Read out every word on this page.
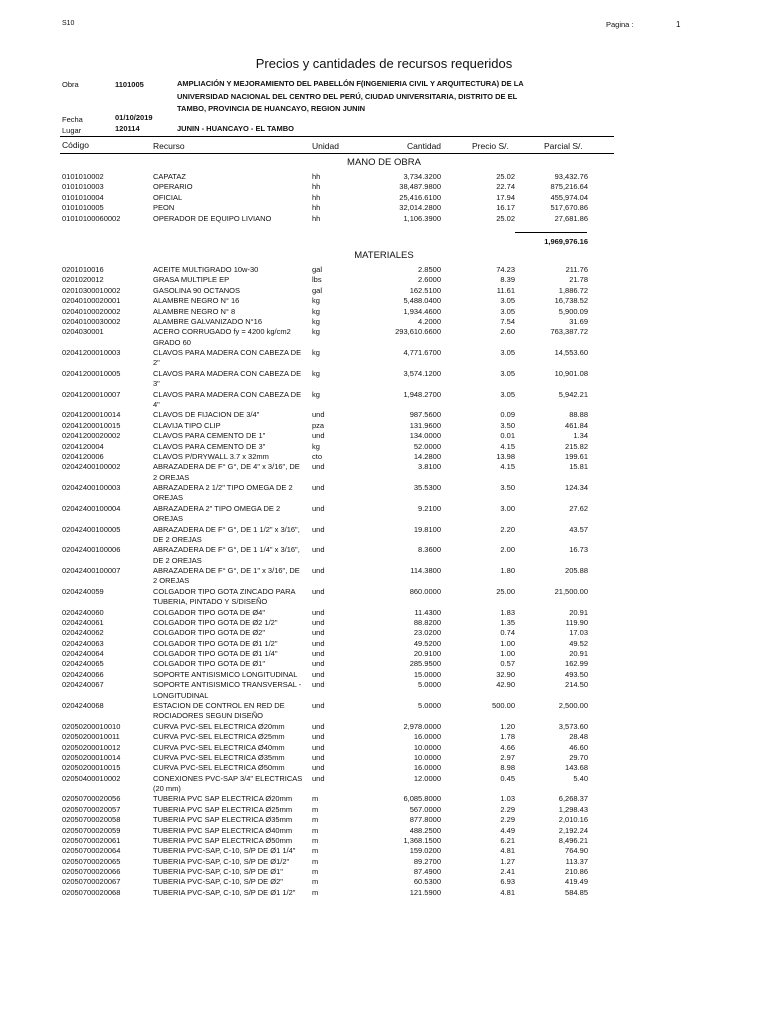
S10	Pagina :	1
Precios y cantidades de recursos requeridos
Obra	1101005	AMPLIACIÓN Y MEJORAMIENTO DEL PABELLÓN F(INGENIERIA CIVIL Y ARQUITECTURA) DE LA
UNIVERSIDAD NACIONAL DEL CENTRO DEL PERÚ, CIUDAD UNIVERSITARIA, DISTRITO DE EL
TAMBO, PROVINCIA DE HUANCAYO, REGION JUNIN
Fecha	01/10/2019
Lugar	120114	JUNIN - HUANCAYO - EL TAMBO
Código	Recurso	Unidad	Cantidad	Precio S/.	Parcial S/.
MANO DE OBRA
0101010002	CAPATAZ	hh	3,734.3200	25.02	93,432.76
0101010003	OPERARIO	hh	38,487.9800	22.74	875,216.64
0101010004	OFICIAL	hh	25,416.6100	17.94	455,974.04
0101010005	PEON	hh	32,014.2800	16.17	517,670.86
01010100060002	OPERADOR DE EQUIPO LIVIANO	hh	1,106.3900	25.02	27,681.86
1,969,976.16
MATERIALES
0201010016	ACEITE MULTIGRADO 10w-30	gal	2.8500	74.23	211.76
0201020012	GRASA MULTIPLE EP	lbs	2.6000	8.39	21.78
02010300010002	GASOLINA 90 OCTANOS	gal	162.5100	11.61	1,886.72
02040100020001	ALAMBRE NEGRO N° 16	kg	5,488.0400	3.05	16,738.52
02040100020002	ALAMBRE NEGRO N° 8	kg	1,934.4600	3.05	5,900.09
02040100030002	ALAMBRE GALVANIZADO N°16	kg	4.2000	7.54	31.69
0204030001	ACERO CORRUGADO fy = 4200 kg/cm2	kg	293,610.6600	2.60	763,387.72
GRADO 60
02041200010003	CLAVOS PARA MADERA CON CABEZA DE kg	4,771.6700	3.05	14,553.60
2"
02041200010005	CLAVOS PARA MADERA CON CABEZA DE kg	3,574.1200	3.05	10,901.08
3"
02041200010007	CLAVOS PARA MADERA CON CABEZA DE kg	1,948.2700	3.05	5,942.21
4"
02041200010014	CLAVOS DE FIJACION DE 3/4"	und	987.5600	0.09	88.88
02041200010015	CLAVIJA TIPO CLIP	pza	131.9600	3.50	461.84
02041200020002	CLAVOS PARA CEMENTO DE 1"	und	134.0000	0.01	1.34
0204120004	CLAVOS PARA CEMENTO DE 3"	kg	52.0000	4.15	215.82
0204120006	CLAVOS P/DRYWALL 3.7 x 32mm	cto	14.2800	13.98	199.61
02042400100002	ABRAZADERA DE F° G°, DE 4" x 3/16", DE und	3.8100	4.15	15.81
2 OREJAS
02042400100003	ABRAZADERA 2 1/2" TIPO OMEGA DE 2	und	35.5300	3.50	124.34
OREJAS
02042400100004	ABRAZADERA 2" TIPO OMEGA DE 2	und	9.2100	3.00	27.62
OREJAS
02042400100005	ABRAZADERA DE F° G°, DE 1 1/2" x 3/16", und	19.8100	2.20	43.57
DE 2 OREJAS
02042400100006	ABRAZADERA DE F° G°, DE 1 1/4" x 3/16", und	8.3600	2.00	16.73
DE 2 OREJAS
02042400100007	ABRAZADERA DE F° G°, DE 1" x 3/16", DE und	114.3800	1.80	205.88
2 OREJAS
0204240059	COLGADOR TIPO GOTA ZINCADO PARA und	860.0000	25.00	21,500.00
TUBERIA, PINTADO Y S/DISEÑO
0204240060	COLGADOR TIPO GOTA DE Ø4"	und	11.4300	1.83	20.91
0204240061	COLGADOR TIPO GOTA DE Ø2 1/2"	und	88.8200	1.35	119.90
0204240062	COLGADOR TIPO GOTA DE Ø2"	und	23.0200	0.74	17.03
0204240063	COLGADOR TIPO GOTA DE Ø1 1/2"	und	49.5200	1.00	49.52
0204240064	COLGADOR TIPO GOTA DE Ø1 1/4"	und	20.9100	1.00	20.91
0204240065	COLGADOR TIPO GOTA DE Ø1"	und	285.9500	0.57	162.99
0204240066	SOPORTE ANTISISMICO LONGITUDINAL und	15.0000	32.90	493.50
0204240067	SOPORTE ANTISISMICO TRANSVERSAL - und	5.0000	42.90	214.50
LONGITUDINAL
0204240068	ESTACION DE CONTROL EN RED DE	und	5.0000	500.00	2,500.00
ROCIADORES SEGUN DISEÑO
02050200010010	CURVA PVC-SEL ELECTRICA Ø20mm	und	2,978.0000	1.20	3,573.60
02050200010011	CURVA PVC-SEL ELECTRICA Ø25mm	und	16.0000	1.78	28.48
02050200010012	CURVA PVC-SEL ELECTRICA Ø40mm	und	10.0000	4.66	46.60
02050200010014	CURVA PVC-SEL ELECTRICA Ø35mm	und	10.0000	2.97	29.70
02050200010015	CURVA PVC-SEL ELECTRICA Ø50mm	und	16.0000	8.98	143.68
02050400010002	CONEXIONES PVC-SAP 3/4" ELECTRICAS und	12.0000	0.45	5.40
(20 mm)
02050700020056	TUBERIA PVC SAP ELECTRICA Ø20mm	m	6,085.8000	1.03	6,268.37
02050700020057	TUBERIA PVC SAP ELECTRICA Ø25mm	m	567.0000	2.29	1,298.43
02050700020058	TUBERIA PVC SAP ELECTRICA Ø35mm	m	877.8000	2.29	2,010.16
02050700020059	TUBERIA PVC SAP ELECTRICA Ø40mm	m	488.2500	4.49	2,192.24
02050700020061	TUBERIA PVC SAP ELECTRICA Ø50mm	m	1,368.1500	6.21	8,496.21
02050700020064	TUBERIA PVC-SAP, C-10, S/P DE Ø1 1/4" m	159.0200	4.81	764.90
02050700020065	TUBERIA PVC-SAP, C-10, S/P DE Ø1/2"	m	89.2700	1.27	113.37
02050700020066	TUBERIA PVC-SAP, C-10, S/P DE Ø1"	m	87.4900	2.41	210.86
02050700020067	TUBERIA PVC-SAP, C-10, S/P DE Ø2"	m	60.5300	6.93	419.49
02050700020068	TUBERIA PVC-SAP, C-10, S/P DE Ø1 1/2" m	121.5900	4.81	584.85
